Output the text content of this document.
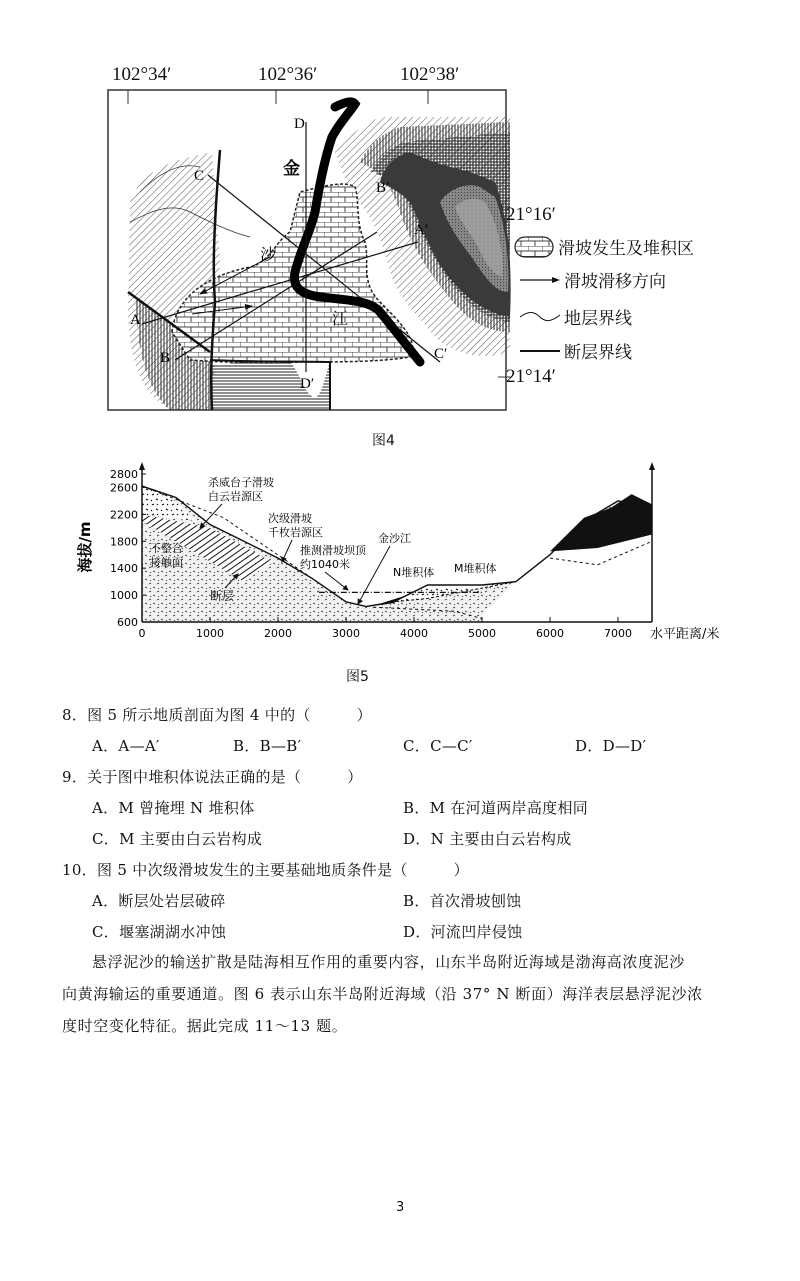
102°34′	102°36′	102°38′
A
A′
B
B′
C
C′
D
D′
金
沙
江
21°16′
21°14′
滑坡发生及堆积区
滑坡滑移方向
地层界线
断层界线
图4
0	1000	2000	3000	4000	5000	6000	7000
600
1000
1400
1800
2200
2600
2800
海拔/m
水平距离/米
杀威台子滑坡
白云岩源区
次级滑坡
千枚岩源区
不整合
接触面
断层
推测滑坡坝顶
约1040米
金沙江
N堆积体 M堆积体
图5
8．图 5 所示地质剖面为图 4 中的（　　　）
A．A—A′	B．B—B′	C．C—C′	D．D—D′
9．关于图中堆积体说法正确的是（　　　）
A．M 曾掩埋 N 堆积体	B．M 在河道两岸高度相同
C．M 主要由白云岩构成	D．N 主要由白云岩构成
10．图 5 中次级滑坡发生的主要基础地质条件是（　　　）
A．断层处岩层破碎	B．首次滑坡刨蚀
C．堰塞湖湖水冲蚀	D．河流凹岸侵蚀
悬浮泥沙的输送扩散是陆海相互作用的重要内容，山东半岛附近海域是渤海高浓度泥沙
向黄海输运的重要通道。图 6 表示山东半岛附近海域（沿 37° N 断面）海洋表层悬浮泥沙浓
度时空变化特征。据此完成 11～13 题。
3
